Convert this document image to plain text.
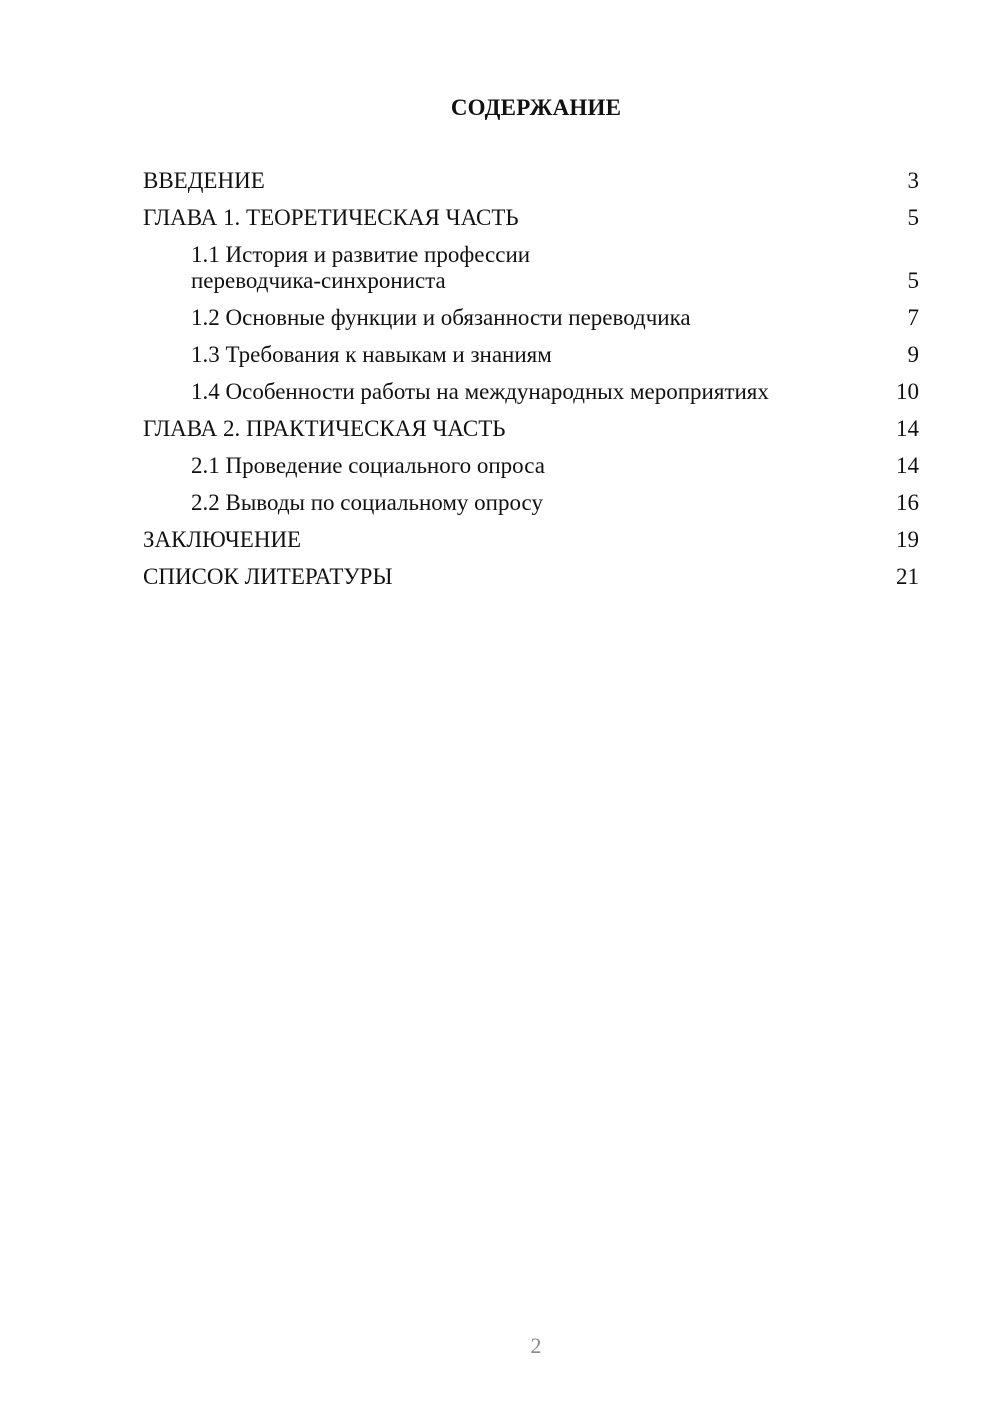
СОДЕРЖАНИЕ
ВВЕДЕНИЕ	3
ГЛАВА 1. ТЕОРЕТИЧЕСКАЯ ЧАСТЬ	5
1.1 История и развитие профессии переводчика-синхрониста	5
1.2 Основные функции и обязанности переводчика	7
1.3 Требования к навыкам и знаниям	9
1.4 Особенности работы на международных мероприятиях	10
ГЛАВА 2. ПРАКТИЧЕСКАЯ ЧАСТЬ	14
2.1 Проведение социального опроса	14
2.2 Выводы по социальному опросу	16
ЗАКЛЮЧЕНИЕ	19
СПИСОК ЛИТЕРАТУРЫ	21
2
